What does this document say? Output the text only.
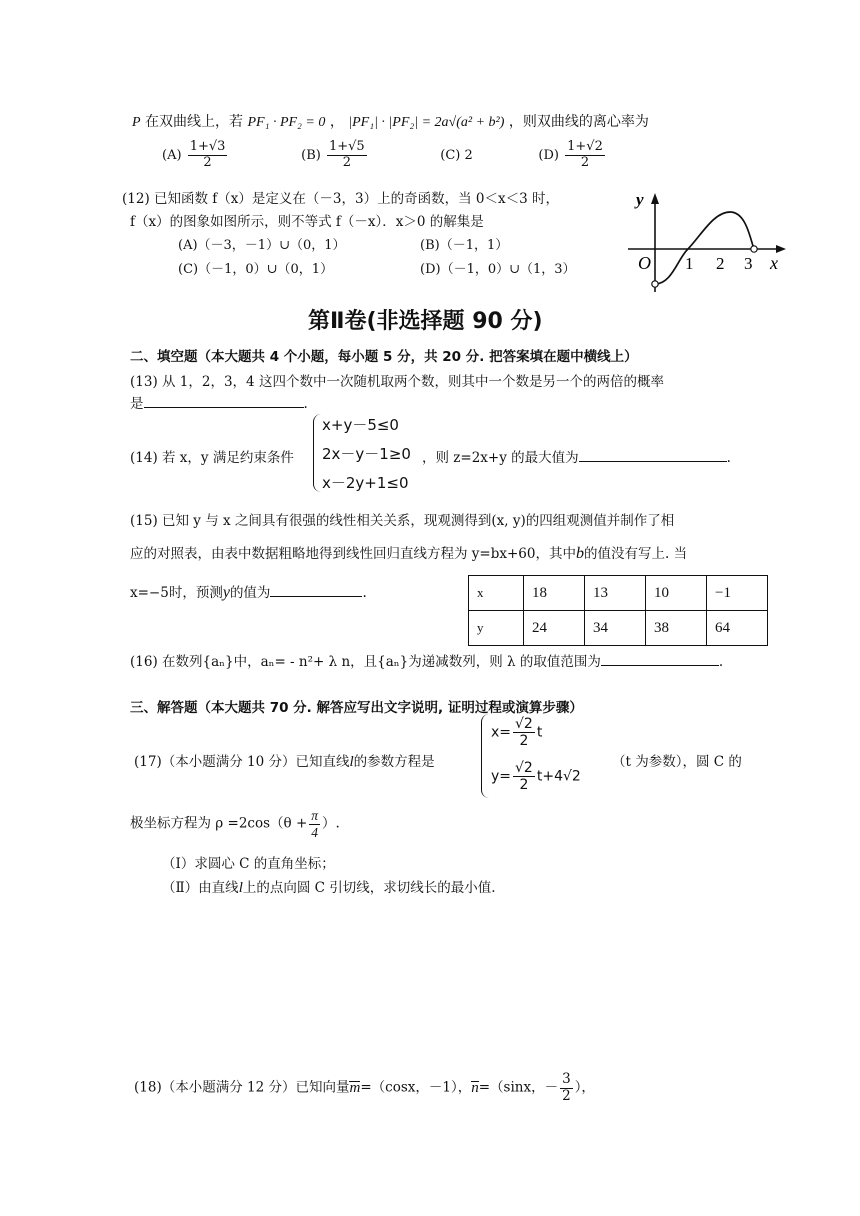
P 在双曲线上，若 PF₁ · PF₂ = 0 ， |PF₁| · |PF₂| = 2a√(a² + b²) ，则双曲线的离心率为
$(A) \frac{1+√3}{2}$	$(B) \frac{1+√5}{2}$	(C) 2	$(D) \frac{1+√2}{2}$
(12) 已知函数 f（x）是定义在（－3，3）上的奇函数，当 0＜x＜3 时，
f（x）的图象如图所示，则不等式 f（－x）．x＞0 的解集是
(A)（－3，－1）∪（0，1）	(B)（－1，1）
(C)（－1，0）∪（0，1）	(D)（－1，0）∪（1，3）
y
x
O 1 2 3
第Ⅱ卷(非选择题 90 分)
二、填空题（本大题共 4 个小题，每小题 5 分，共 20 分. 把答案填在题中横线上）
(13) 从 1，2，3，4 这四个数中一次随机取两个数，则其中一个数是另一个的两倍的概率
是	.
(14) 若 x，y 满足约束条件
x+y－5≤0
2x－y－1≥0
x－2y+1≤0
，则 z=2x+y 的最大值为	.
(15) 已知 y 与 x 之间具有很强的线性相关关系，现观测得到(x, y)的四组观测值并制作了相
应的对照表，由表中数据粗略地得到线性回归直线方程为 y=bx+60，其中b的值没有写上. 当
x=−5时，预测y的值为	.	x	18	13	10	−1
y	24	34	38	64
(16) 在数列{aₙ}中，aₙ= - n²+ λ n，且{aₙ}为递减数列，则 λ 的取值范围为	.
三、解答题（本大题共 70 分. 解答应写出文字说明, 证明过程或演算步骤）
(17)（本小题满分 10 分）已知直线l的参数方程是
$x= \frac{√2}{2}$ t
$y= \frac{√2}{2} t+4√2$
（t 为参数），圆 C 的
极坐标方程为 $\rho =2\cos(\theta + \frac{\pi}{4}$ ）.
（Ⅰ）求圆心 C 的直角坐标；
（Ⅱ）由直线l上的点向圆 C 引切线，求切线长的最小值.
(18)（本小题满分 12 分）已知向量m=（cosx，－1），n=（sinx，－ $\frac{3}{2}$ ），
